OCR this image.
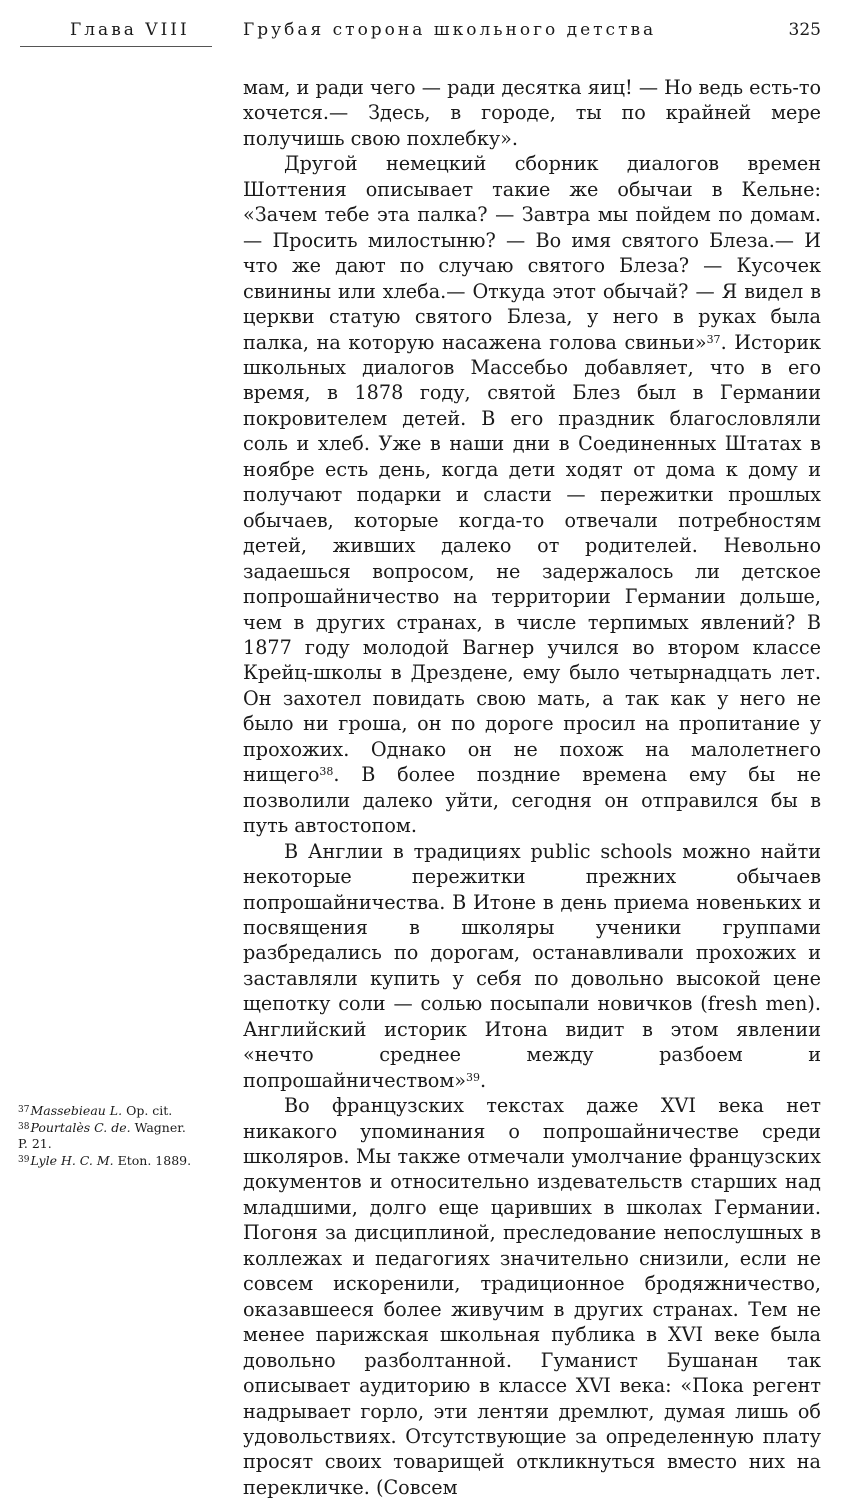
Глава VIII	Грубая сторона школьного детства	325

мам, и ради чего — ради десятка яиц! — Но ведь есть-то хочется.— Здесь, в городе, ты по крайней мере получишь свою похлебку».

Другой немецкий сборник диалогов времен Шоттения описывает такие же обычаи в Кельне: «Зачем тебе эта палка? — Завтра мы пойдем по домам.— Просить милостыню? — Во имя святого Блеза.— И что же дают по случаю святого Блеза? — Кусочек свинины или хлеба.— Откуда этот обычай? — Я видел в церкви статую святого Блеза, у него в руках была палка, на которую насажена голова свиньи»$^{37}$. Историк школьных диалогов Массебьо добавляет, что в его время, в 1878 году, святой Блез был в Германии покровителем детей. В его праздник благословляли соль и хлеб. Уже в наши дни в Соединенных Штатах в ноябре есть день, когда дети ходят от дома к дому и получают подарки и сласти — пережитки прошлых обычаев, которые когда-то отвечали потребностям детей, живших далеко от родителей. Невольно задаешься вопросом, не задержалось ли детское попрошайничество на территории Германии дольше, чем в других странах, в числе терпимых явлений? В 1877 году молодой Вагнер учился во втором классе Крейц-школы в Дрездене, ему было четырнадцать лет. Он захотел повидать свою мать, а так как у него не было ни гроша, он по дороге просил на пропитание у прохожих. Однако он не похож на малолетнего нищего$^{38}$. В более поздние времена ему бы не позволили далеко уйти, сегодня он отправился бы в путь автостопом.

В Англии в традициях public schools можно найти некоторые пережитки прежних обычаев попрошайничества. В Итоне в день приема новеньких и посвящения в школяры ученики группами разбредались по дорогам, останавливали прохожих и заставляли купить у себя по довольно высокой цене щепотку соли — солью посыпали новичков (fresh men). Английский историк Итона видит в этом явлении «нечто среднее между разбоем и попрошайничеством»$^{39}$.

Во французских текстах даже XVI века нет никакого упоминания о попрошайничестве среди школяров. Мы также отмечали умолчание французских документов и относительно издевательств старших над младшими, долго еще царивших в школах Германии. Погоня за дисциплиной, преследование непослушных в коллежах и педагогиях значительно снизили, если не совсем искоренили, традиционное бродяжничество, оказавшееся более живучим в других странах. Тем не менее парижская школьная публика в XVI веке была довольно разболтанной. Гуманист Бушанан так описывает аудиторию в классе XVI века: «Пока регент надрывает горло, эти лентяи дремлют, думая лишь об удовольствиях. Отсутствующие за определенную плату просят своих товарищей откликнуться вместо них на перекличке. (Совсем

$^{37}$Massebieau L. Op. cit.
$^{38}$Pourtalès C. de. Wagner.
P. 21.
$^{39}$Lyle H. C. M. Eton. 1889.
